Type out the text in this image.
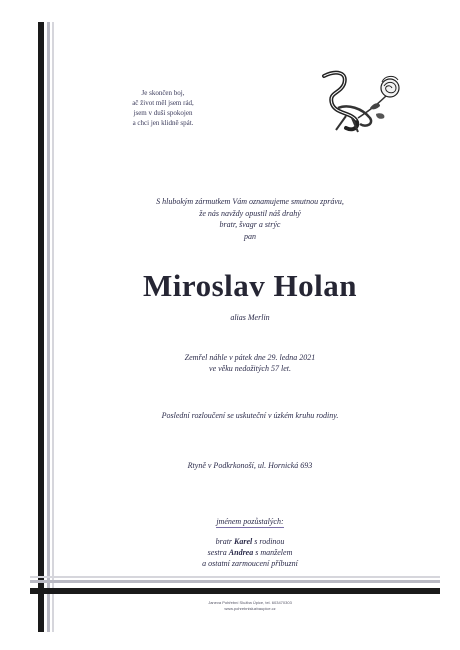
Je skončen boj,
ač život měl jsem rád,
jsem v duši spokojen
a chci jen klidně spát.
S hlubokým zármutkem Vám oznamujeme smutnou zprávu,
že nás navždy opustil náš drahý
bratr, švagr a strýc
pan
Miroslav Holan
alias Merlin
Zemřel náhle v pátek dne 29. ledna 2021
ve věku nedožitých 57 let.
Poslední rozloučení se uskuteční v úzkém kruhu rodiny.
Rtyně v Podkrkonoší, ul. Hornická 693
jménem pozůstalých:
bratr Karel s rodinou
sestra Andrea s manželem
a ostatní zarmoucení příbuzní
Janeva Pohřební Služba Úpice, tel. 603470303
www.pohrebnisluzbaupice.cz
